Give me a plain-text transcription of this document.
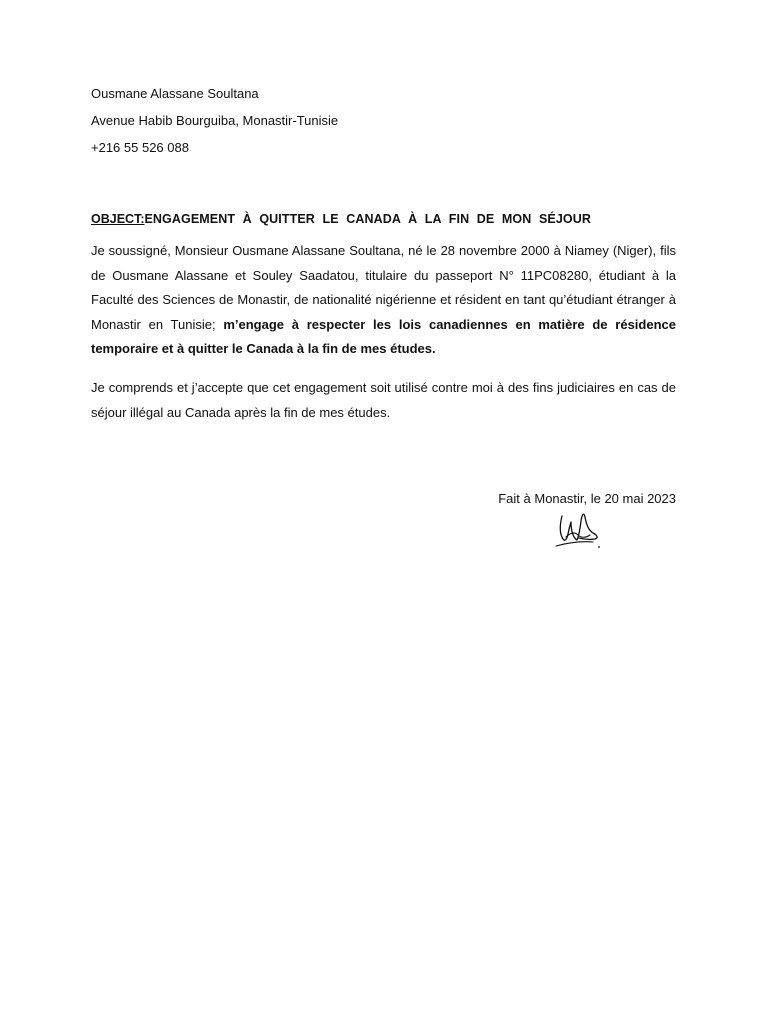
Ousmane Alassane Soultana
Avenue Habib Bourguiba, Monastir-Tunisie
+216 55 526 088
OBJECT: ENGAGEMENT À QUITTER LE CANADA À LA FIN DE MON SÉJOUR

Je soussigné, Monsieur Ousmane Alassane Soultana, né le 28 novembre 2000 à Niamey (Niger), fils de Ousmane Alassane et Souley Saadatou, titulaire du passeport N° 11PC08280, étudiant à la Faculté des Sciences de Monastir, de nationalité nigérienne et résident en tant qu’étudiant étranger à Monastir en Tunisie; m’engage à respecter les lois canadiennes en matière de résidence temporaire et à quitter le Canada à la fin de mes études.

Je comprends et j’accepte que cet engagement soit utilisé contre moi à des fins judiciaires en cas de séjour illégal au Canada après la fin de mes études.

Fait à Monastir, le 20 mai 2023
